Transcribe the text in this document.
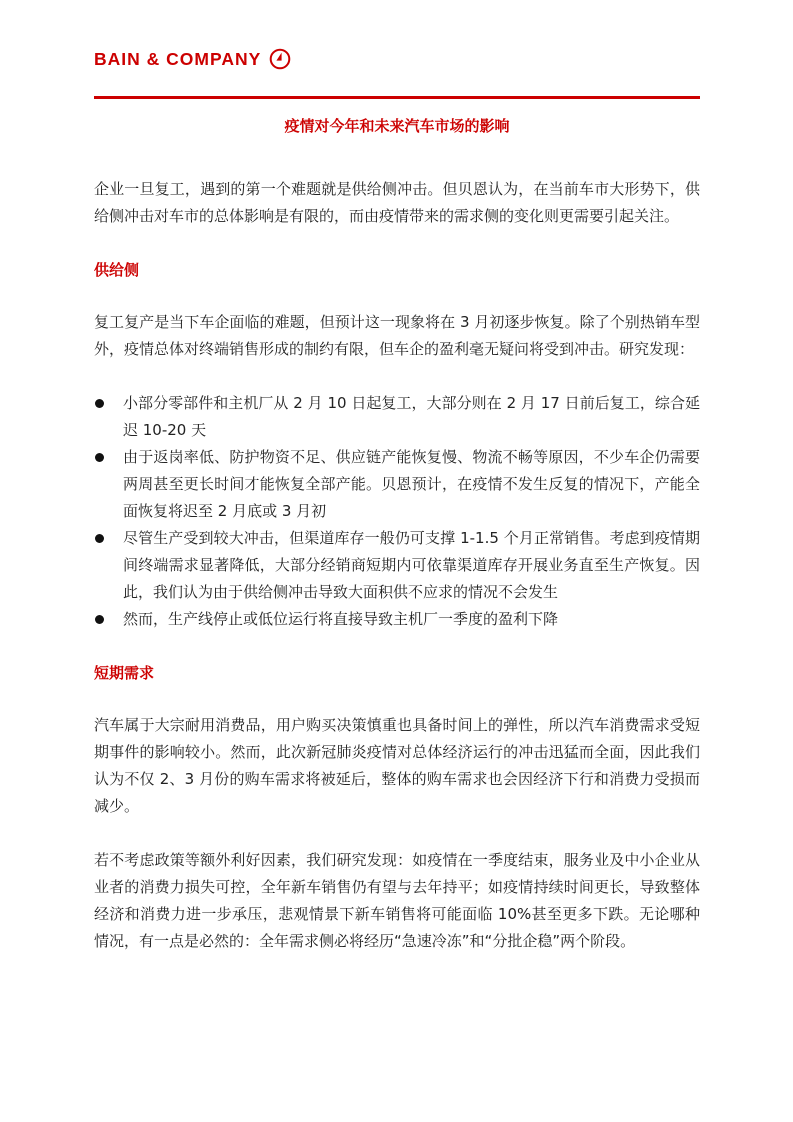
BAIN & COMPANY
疫情对今年和未来汽车市场的影响

企业一旦复工，遇到的第一个难题就是供给侧冲击。但贝恩认为，在当前车市大形势下，供给侧冲击对车市的总体影响是有限的，而由疫情带来的需求侧的变化则更需要引起关注。

供给侧

复工复产是当下车企面临的难题，但预计这一现象将在 3 月初逐步恢复。除了个别热销车型外，疫情总体对终端销售形成的制约有限，但车企的盈利毫无疑问将受到冲击。研究发现：

小部分零部件和主机厂从 2 月 10 日起复工，大部分则在 2 月 17 日前后复工，综合延迟 10-20 天
由于返岗率低、防护物资不足、供应链产能恢复慢、物流不畅等原因，不少车企仍需要两周甚至更长时间才能恢复全部产能。贝恩预计，在疫情不发生反复的情况下，产能全面恢复将迟至 2 月底或 3 月初
尽管生产受到较大冲击，但渠道库存一般仍可支撑 1-1.5 个月正常销售。考虑到疫情期间终端需求显著降低，大部分经销商短期内可依靠渠道库存开展业务直至生产恢复。因此，我们认为由于供给侧冲击导致大面积供不应求的情况不会发生
然而，生产线停止或低位运行将直接导致主机厂一季度的盈利下降
短期需求

汽车属于大宗耐用消费品，用户购买决策慎重也具备时间上的弹性，所以汽车消费需求受短期事件的影响较小。然而，此次新冠肺炎疫情对总体经济运行的冲击迅猛而全面，因此我们认为不仅 2、3 月份的购车需求将被延后，整体的购车需求也会因经济下行和消费力受损而减少。

若不考虑政策等额外利好因素，我们研究发现：如疫情在一季度结束，服务业及中小企业从业者的消费力损失可控，全年新车销售仍有望与去年持平；如疫情持续时间更长，导致整体经济和消费力进一步承压，悲观情景下新车销售将可能面临 10%甚至更多下跌。无论哪种情况，有一点是必然的：全年需求侧必将经历“急速冷冻”和“分批企稳”两个阶段。
